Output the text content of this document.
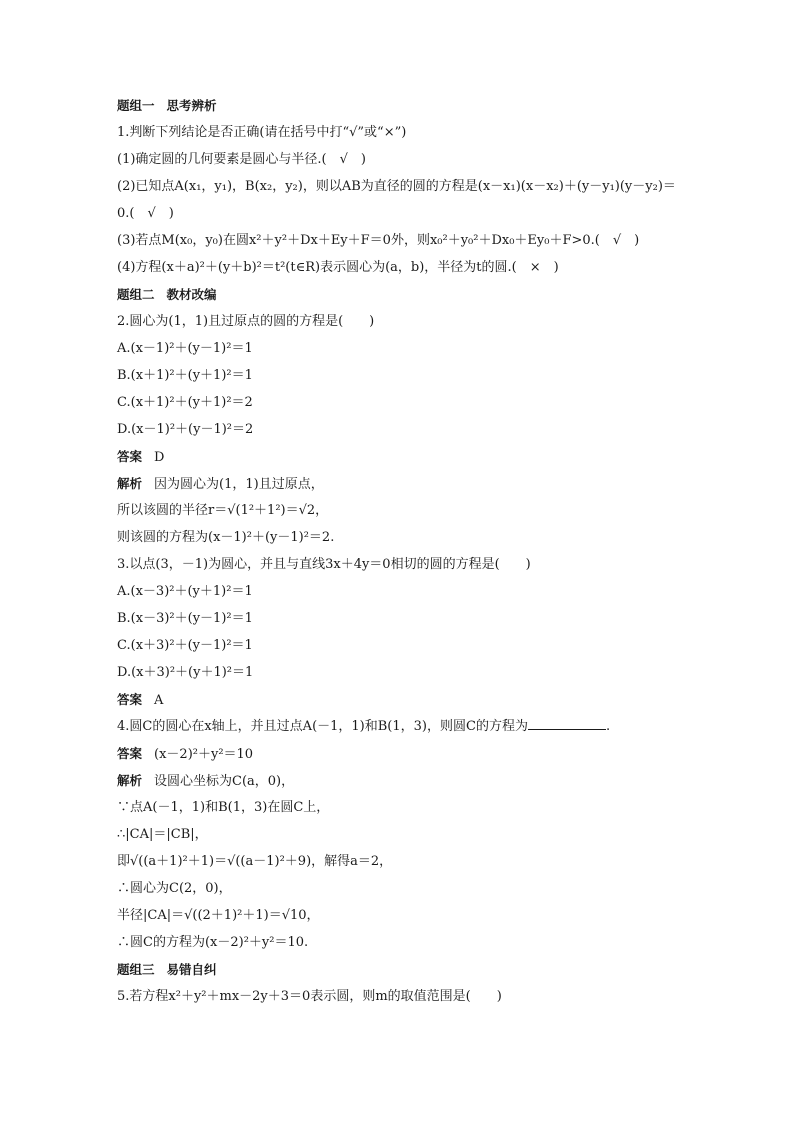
题组一 思考辨析
1.判断下列结论是否正确(请在括号中打“√”或“×”)
(1)确定圆的几何要素是圆心与半径.(　√　)
(2)已知点A(x₁，y₁)，B(x₂，y₂)，则以AB为直径的圆的方程是(x－x₁)(x－x₂)＋(y－y₁)(y－y₂)＝
0.(　√　)
(3)若点M(x₀，y₀)在圆x²＋y²＋Dx＋Ey＋F＝0外，则x₀²＋y₀²＋Dx₀＋Ey₀＋F>0.(　√　)
(4)方程(x＋a)²＋(y＋b)²＝t²(t∈R)表示圆心为(a，b)，半径为t的圆.(　×　)
题组二 教材改编
2.圆心为(1，1)且过原点的圆的方程是(　　)
A.(x－1)²＋(y－1)²＝1
B.(x＋1)²＋(y＋1)²＝1
C.(x＋1)²＋(y＋1)²＝2
D.(x－1)²＋(y－1)²＝2
答案 D
解析 因为圆心为(1，1)且过原点，
所以该圆的半径r＝√(1²＋1²)＝√2，
则该圆的方程为(x－1)²＋(y－1)²＝2.
3.以点(3，－1)为圆心，并且与直线3x＋4y＝0相切的圆的方程是(　　)
A.(x－3)²＋(y＋1)²＝1
B.(x－3)²＋(y－1)²＝1
C.(x＋3)²＋(y－1)²＝1
D.(x＋3)²＋(y＋1)²＝1
答案 A
4.圆C的圆心在x轴上，并且过点A(－1，1)和B(1，3)，则圆C的方程为	.
答案 (x－2)²＋y²＝10
解析 设圆心坐标为C(a，0)，
∵点A(－1，1)和B(1，3)在圆C上，
∴|CA|＝|CB|，
即√((a＋1)²＋1)＝√((a－1)²＋9)，解得a＝2，
∴圆心为C(2，0)，
半径|CA|＝√((2＋1)²＋1)＝√10，
∴圆C的方程为(x－2)²＋y²＝10.
题组三 易错自纠
5.若方程x²＋y²＋mx－2y＋3＝0表示圆，则m的取值范围是(　　)
